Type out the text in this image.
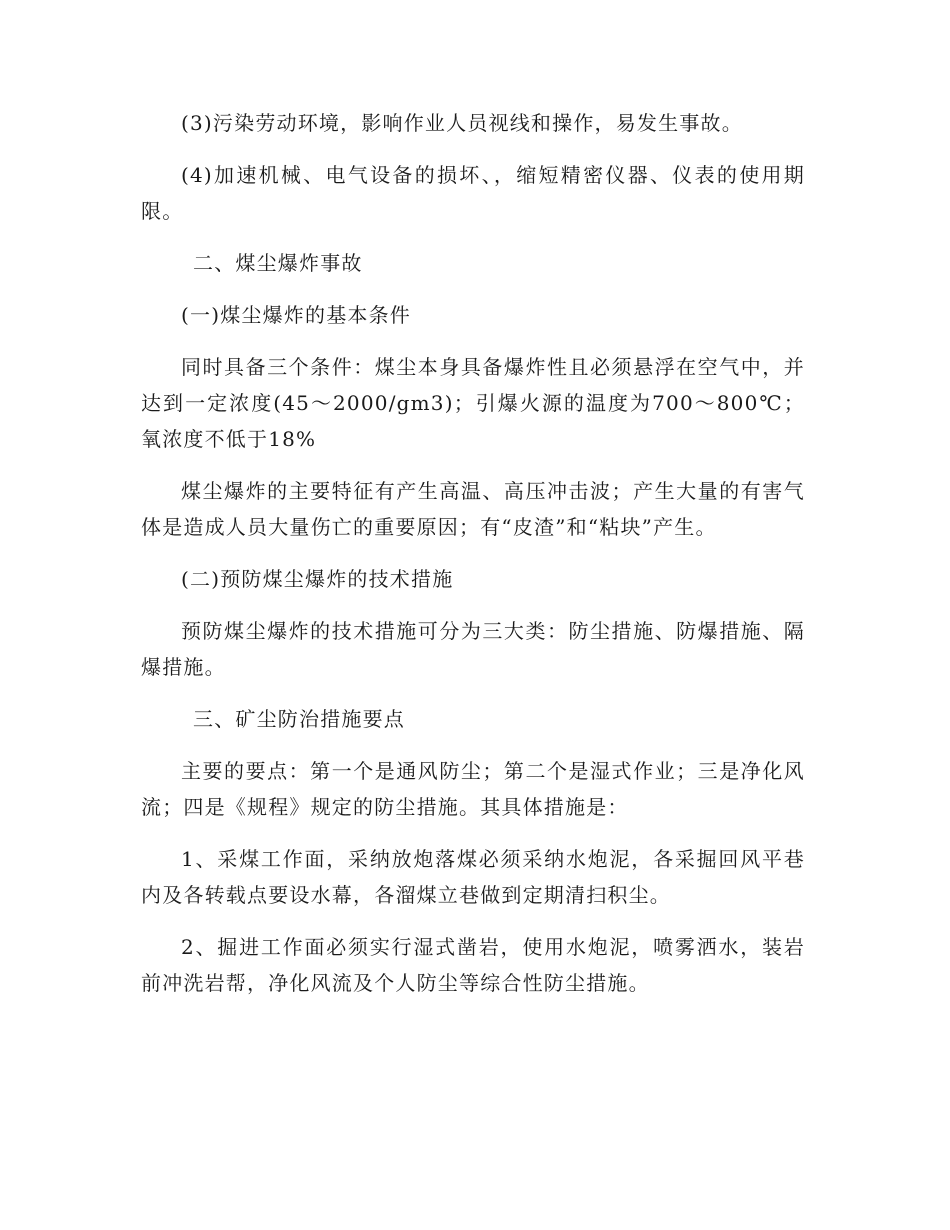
(3)污染劳动环境，影响作业人员视线和操作，易发生事故。

(4)加速机械、电气设备的损坏、，缩短精密仪器、仪表的使用期限。

二、煤尘爆炸事故

(一)煤尘爆炸的基本条件

同时具备三个条件：煤尘本身具备爆炸性且必须悬浮在空气中，并达到一定浓度(45～2000/gm3)；引爆火源的温度为700～800℃；氧浓度不低于18%

煤尘爆炸的主要特征有产生高温、高压冲击波；产生大量的有害气体是造成人员大量伤亡的重要原因；有“皮渣”和“粘块”产生。

(二)预防煤尘爆炸的技术措施

预防煤尘爆炸的技术措施可分为三大类：防尘措施、防爆措施、隔爆措施。

三、矿尘防治措施要点

主要的要点：第一个是通风防尘；第二个是湿式作业；三是净化风流；四是《规程》规定的防尘措施。其具体措施是：

1、采煤工作面，采纳放炮落煤必须采纳水炮泥，各采掘回风平巷内及各转载点要设水幕，各溜煤立巷做到定期清扫积尘。

2、掘进工作面必须实行湿式凿岩，使用水炮泥，喷雾洒水，装岩前冲洗岩帮，净化风流及个人防尘等综合性防尘措施。
